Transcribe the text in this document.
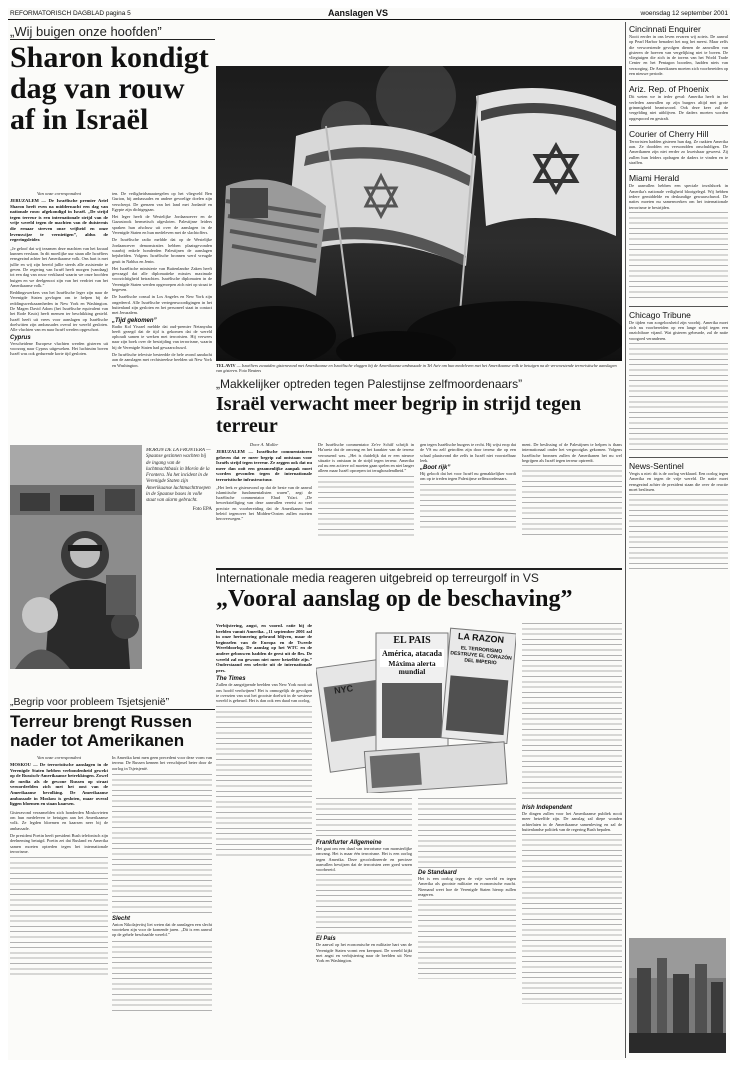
REFORMATORISCH DAGBLAD pagina 5	Aanslagen VS	woensdag 12 september 2001
„Wij buigen onze hoofden”
Sharon kondigt dag van rouw af in Israël
Van onze correspondent

JERUZALEM — De Israëlische premier Ariel Sharon heeft even na middernacht een dag van nationale rouw afgekondigd in Israël. „De strijd tegen terreur is een internationale strijd van de vrije wereld tegen de machten van de duisternis die ernaar streven onze vrijheid en onze levenswijze te vernietigen”, aldus de regeringsleider.

„Je geloof dat wij tezamen deze machten van het kwaad kunnen verslaan. In dit moeilijke uur staan alle Israëliers eensgezind achter het Amerikaanse volk. Ons hart is met jullie en wij zijn bereid jullie steeds alle assistentie te geven. De regering van Israël heeft morgen (vandaag) tot een dag van rouw verklaard waarin we onze hoofden buigen en we deelgenoot zijn van het verdriet van het Amerikaanse volk.”

Reddingswerkers van het Israëlische leger zijn naar de Verenigde Staten gevlogen om te helpen bij de reddingswerkzaamheden in New York en Washington. De Magen David Adom (het Israëlische equivalent van het Rode Kruis) heeft mensen ter beschikking gesteld. Israël heeft uit vrees voor aanslagen op Israëlische doelwitten zijn ambassades overal ter wereld gesloten. Alle vluchten van en naar Israël werden opgeschort.

Cyprus

Verscheidene Europese vluchten werden gisteren uit voorzorg naar Cyprus uitgeweken. Het luchtruim boven Israël was ook gedurende korte tijd gesloten.

ten. De veiligheidsmaatregelen op het vliegveld Ben Gurion, bij ambassades en andere gevoelige doelen zijn verscherpt. De grenzen van het land met Jordanië en Egypte zijn dichtgegaan.

Het leger heeft de Westelijke Jordaanoever en de Gazastrook hermetisch afgesloten. Palestijnse leiders spraken hun afschuw uit over de aanslagen in de Verenigde Staten en hun medeleven met de slachtoffers.

De Israëlische radio meldde dat op de Westelijke Jordaanoever demonstraties hebben plaatsgevonden waarbij enkele honderden Palestijnen de aanslagen bejubelden. Volgens Israëlische bronnen werd vreugde geuit in Nablus en Jenin.

Het Israëlische ministerie van Buitenlandse Zaken heeft gevraagd dat alle diplomatieke missies maximale voorzichtigheid betrachten. Israëlische diplomaten in de Verenigde Staten werden opgeroepen zich niet op straat te begeven.

De Israëlische consul in Los Angeles en New York zijn ongedeerd. Alle Israëlische vertegenwoordigingen in het buitenland zijn gesloten en het personeel staat in contact met Jeruzalem.

„Tijd gekomen”

Radio Kol Yisrael meldde dat oud-premier Netanyahu heeft gezegd dat de tijd is gekomen dat de wereld ophoudt samen te werken met terroristen. Hij verwees naar zijn boek over de bestrijding van terrorisme, waarin hij de Verenigde Staten had gewaarschuwd.

De Israëlische televisie besteedde de hele avond aandacht aan de aanslagen met rechtstreekse beelden uit New York en Washington.	TEL AVIV — Israëliers zwaaiden gisteravond met Amerikaanse en Israëlische vlaggen bij de Amerikaanse ambassade in Tel Aviv om hun medeleven met het Amerikaanse volk te betuigen na de verwoestende terroristische aanslagen van gisteren. Foto Reuters
MORON DE LA FRONTERA — Spaanse gezinnen wachten bij de ingang van de luchtmachtbasis in Morón de la Frontera. Na het incident in de Verenigde Staten zijn Amerikaanse luchtmachttroepen in de Spaanse bases in volle staat van alarm gebracht.
Foto EPA
„Begrip voor probleem Tsjetsjenië”
Terreur brengt Russen nader tot Amerikanen
Van onze correspondent

MOSKOU — De terroristische aanslagen in de Verenigde Staten hebben verbondenheid gewekt op de Russisch-Amerikaanse betrekkingen. Zowel de media als de gewone Russen op straat veroordeelden zich met het oost van de Amerikaanse bevolking. De Amerikaanse ambassade in Moskou is gesloten, maar overal liggen bloemen en staan kaarsen.

Gisteravond verzamelden zich honderden Moskovieten om hun medeleven te betuigen aan het Amerikaanse volk. Ze legden bloemen en kaarsen neer bij de ambassade.

De president Poetin heeft president Bush telefonisch zijn deelneming betuigd. Poetin zei dat Rusland en Amerika samen moeten optreden tegen het internationale terrorisme.

In Amerika kent men geen precedent voor deze vorm van terreur. De Russen kennen het verschijnsel beter door de oorlog in Tsjetsjenië.

Slecht

Anton Nikolajevitsj liet weten dat de aanslagen een slecht voorteken zijn voor de komende jaren. „Dit is een aanval op de gehele beschaafde wereld.”

„Makkelijker optreden tegen Palestijnse zelfmoordenaars”
Israël verwacht meer begrip in strijd tegen terreur
Door A. Muller

JERUZALEM — Israëlische commentatoren geloven dat er meer begrip zal ontstaan voor Israëls strijd tegen terreur. Ze zeggen ook dat nu meer dan ooit een gezamenlijke aanpak moet worden gevonden tegen de internationale terroristische infrastructuur.

„Het leek er gisteravond op dat de beste van de aanval islamitische fundamentalisten waren”, zegt de Israëlische commentator Ehud Ya'ari. „De bewerkstelliging van deze aanvallen vereist zo veel precisie en voorbereiding dat de Amerikanen hun beleid tegenover het Midden-Oosten zullen moeten heroverwegen.”

De Israëlische commentator Ze'ev Schiff schrijft in Ha'aretz dat de omvang en het karakter van de terreur verrassend was. „Het is duidelijk dat er een nieuwe situatie is ontstaan in de strijd tegen terreur. Amerika zal nu een actieve rol moeten gaan spelen en niet langer alleen maar Israël oproepen tot terughoudendheid.”

gen tegen Israëlische burgers te recht. Hij wijst erop dat de VS nu zelf getroffen zijn door terreur die op een schaal plaatsvond die zelfs in Israël niet voorstelbaar leek.

„Boot rijk”

Hij gelooft dat het voor Israël nu gemakkelijker wordt om op te treden tegen Palestijnse zelfmoordenaars.

ment. De beslissing of de Palestijnen te helpen is thans internationaal onder het vergrootglas gekomen. Volgens Israëlische bronnen zullen de Amerikanen het nu wel begrijpen als Israël tegen terreur optreedt.

Internationale media reageren uitgebreid op terreurgolf in VS
„Vooral aanslag op de beschaving”

Verbijstering, angst, en voornl. ratie bij de beelden vanuit Amerika. „11 september 2001 zal in onze herinnering gebrand blijven, maar de beginselen van de Europa en de Tweede Wereldoorlog. De aanslag op het WTC en de andere gebouwen hadden de geest uit de fles. De wereld zal nu gewoon niet meer hetzelfde zijn.” Onderstaand een selectie uit de internationale pers.

The Times

Zullen de aangrijpende beelden van New York nooit uit ons hoofd verdwijnen? Het is onmogelijk de gevolgen te overzien van wat het grootste doelwit in de westerse wereld is gebeurd. Het is dan ook een daad van oorlog.

NYC
EL PAIS
América, atacada
Máxima alerta mundial
LA RAZON
EL TERRORISMO DESTRUYE EL CORAZÓN DEL IMPERIO
Frankfurter Allgemeine

Het gaat om een daad van terrorisme van monsterlijke omvang. Het is maar één terrorisme. Het is een oorlog tegen Amerika. Deze gecoördineerde en precieze aanvallen bewijzen dat de terroristen zeer goed waren voorbereid.

El País

De aanval op het economische en militaire hart van de Verenigde Staten vormt een keerpunt. De wereld kijkt met angst en verbijstering naar de beelden uit New York en Washington.

De Standaard

Het is een oorlog tegen de vrije wereld en tegen Amerika als grootste militaire en economische macht. Niemand weet hoe de Verenigde Staten hierop zullen reageren.

Irish Independent

De dingen zullen voor het Amerikaanse publiek nooit meer hetzelfde zijn. De aanslag zal diepe wonden achterlaten in de Amerikaanse samenleving en zal de buitenlandse politiek van de regering Bush bepalen.

Cincinnati Enquirer

Nooit eerder in ons leven ervaren wij zoiets. De aanval op Pearl Harbor benadert het nog het meest. Maar zelfs die verwoestende gevolgen dienen de aanvallen van gisteren de hoeven van vergelijking niet te boven. De vliegtuigen die zich in de torens van het World Trade Center en het Pentagon boorden, hadden niets van verzorging. De Amerikanen moeten zich voorbereiden op een nieuwe periode.

Ariz. Rep. of Phoenix

Dit weten we in ieder geval: Amerika heeft in het verleden aanvallen op zijn burgers altijd met grote grimmigheid beantwoord. Ook deze keer zal de vergelding niet uitblijven. De daders moeten worden opgespoord en gestraft.

Courier of Cherry Hill

Terroristen hadden gisteren hun dag. Ze raakten Amerika aan. Ze doodden en verwondden onschuldigen. De Amerikanen zijn niet eerder zo kwetsbaar geweest. Zij zullen hun leiders opdragen de daders te vinden en te straffen.

Miami Herald

De aanvallen hebben een speciale invalshoek in Amerika's nationale veiligheid blootgelegd. Wij hebben iedere gemiddelde en deskundige gewaarschuwd. De naties moeten nu samenwerken om het internationale terrorisme te bestrijden.

Chicago Tribune

De tijden van zorgeloosheid zijn voorbij. Amerika moet zich nu voorbereiden op een lange strijd tegen een onzichtbare vijand. Wat gisteren gebeurde, zal de natie voorgoed veranderen.

News-Sentinel

Vergis u niet: dit is de oorlog verklaard. Een oorlog tegen Amerika en tegen de vrije wereld. De natie moet eensgezind achter de president staan die over de reactie moet beslissen.
